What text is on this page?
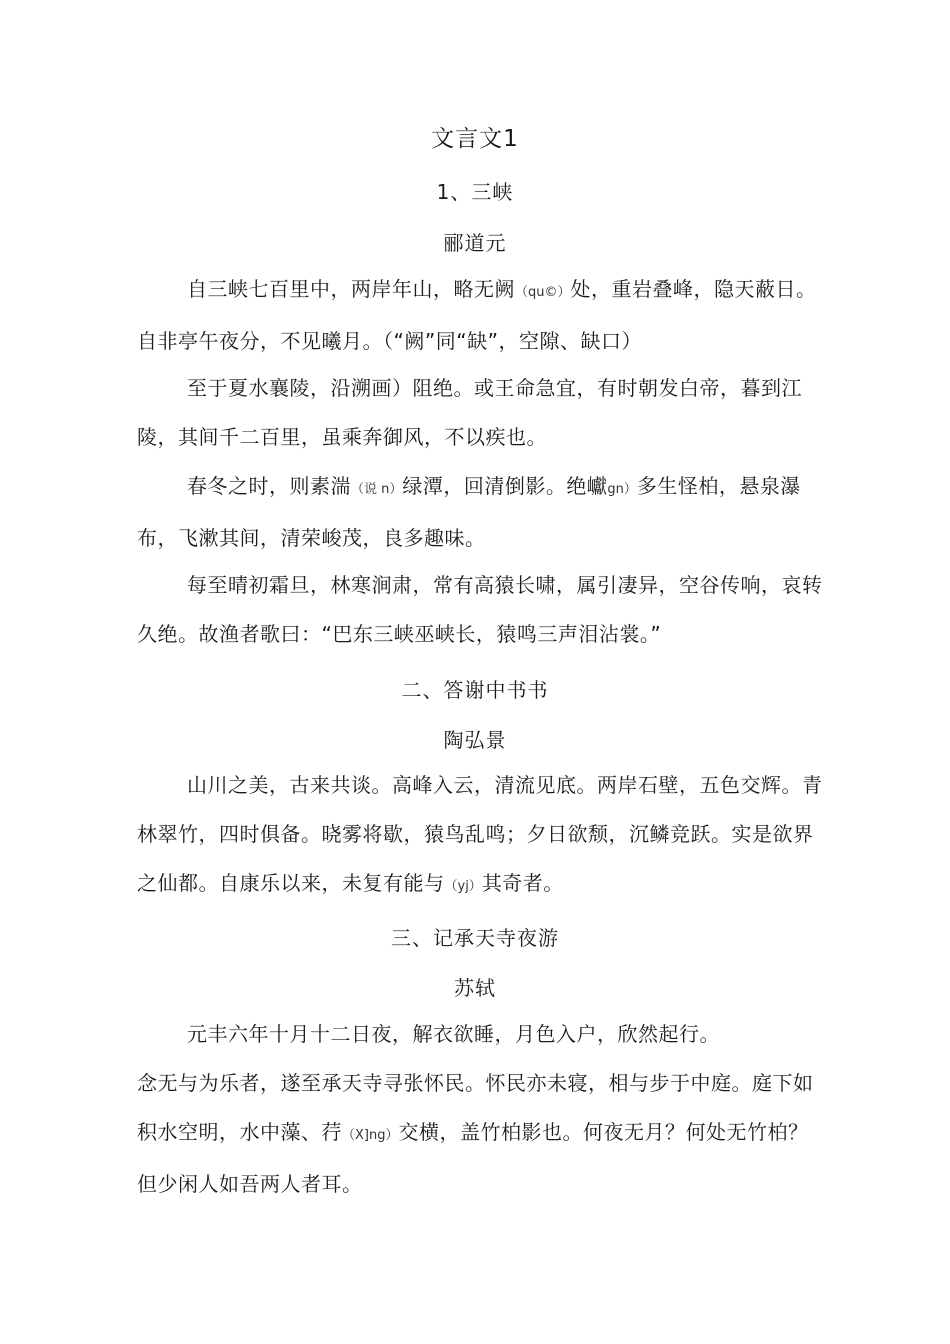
文言文1
1、三峡
郦道元
自三峡七百里中，两岸年山，略无阙（qu©）处，重岩叠峰，隐天蔽日。自非亭午夜分，不见曦月。（“阙”同“缺”，空隙、缺口）
至于夏水襄陵，沿溯画）阻绝。或王命急宜，有时朝发白帝，暮到江陵，其间千二百里，虽乘奔御风，不以疾也。
春冬之时，则素湍（说 n）绿潭，回清倒影。绝巘gn）多生怪柏，悬泉瀑布，飞漱其间，清荣峻茂，良多趣味。
每至晴初霜旦，林寒涧肃，常有高猿长啸，属引凄异，空谷传响，哀转久绝。故渔者歌曰：“巴东三峡巫峡长，猿鸣三声泪沾裳。”
二、答谢中书书
陶弘景
山川之美，古来共谈。高峰入云，清流见底。两岸石壁，五色交辉。青林翠竹，四时俱备。晓雾将歇，猿鸟乱鸣；夕日欲颓，沉鳞竞跃。实是欲界之仙都。自康乐以来，未复有能与（yj）其奇者。
三、记承天寺夜游
苏轼
元丰六年十月十二日夜，解衣欲睡，月色入户，欣然起行。
念无与为乐者，遂至承天寺寻张怀民。怀民亦未寝，相与步于中庭。庭下如积水空明，水中藻、荇（X]ng）交横，盖竹柏影也。何夜无月？何处无竹柏？但少闲人如吾两人者耳。
